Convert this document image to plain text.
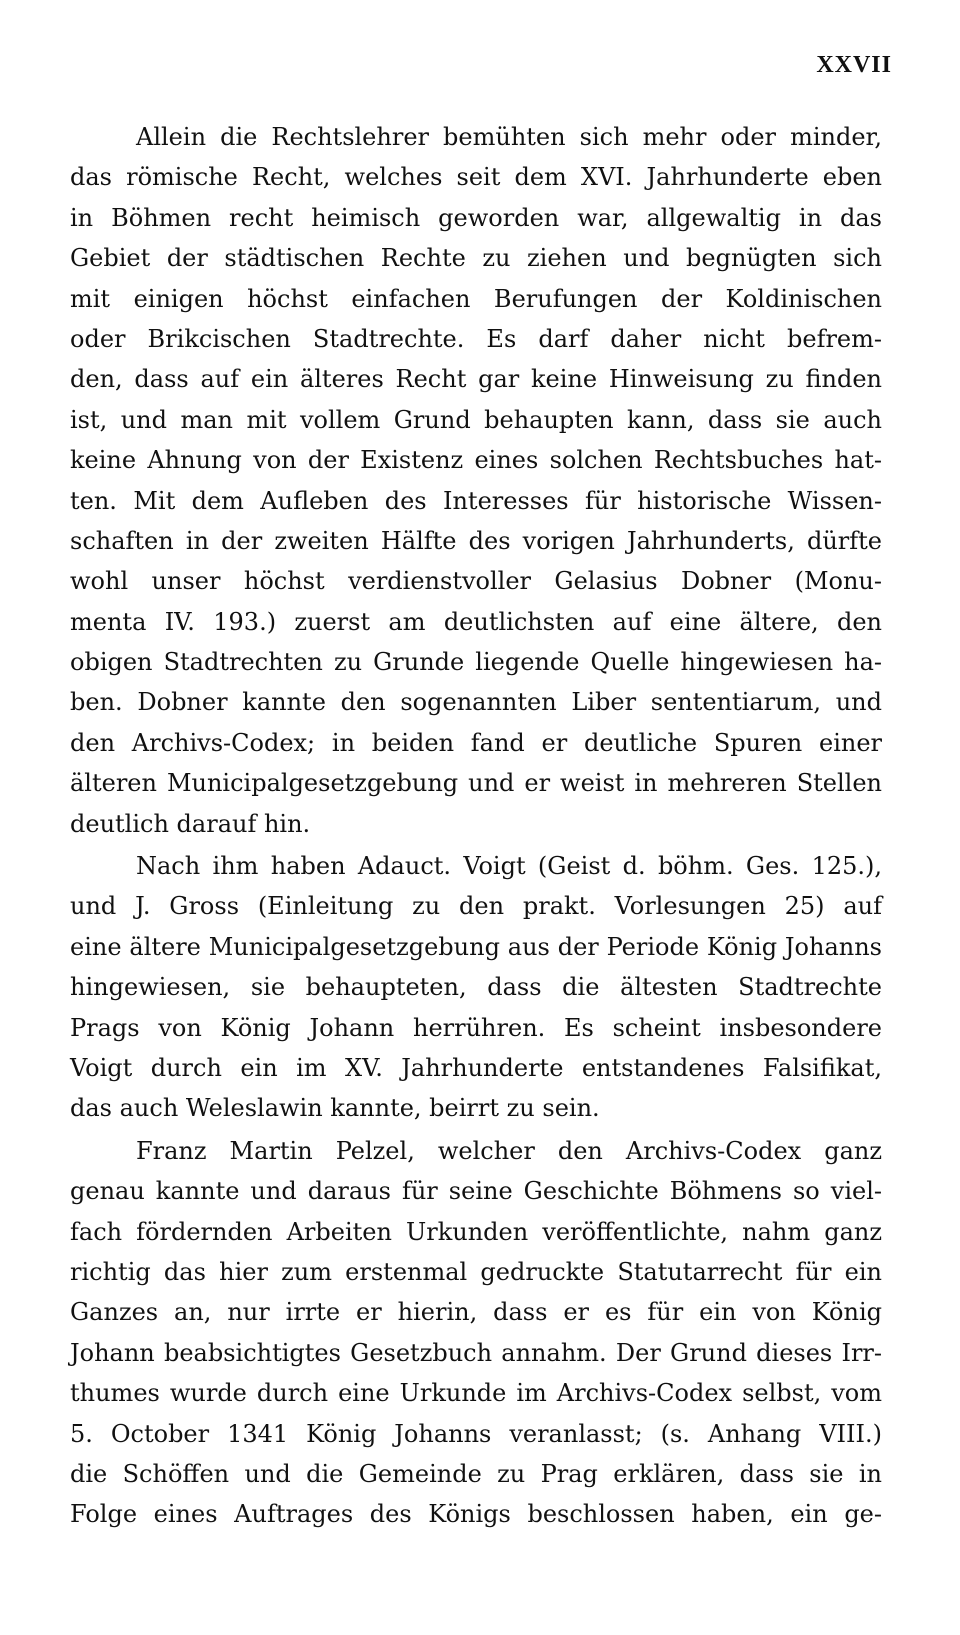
XXVII
Allein die Rechtslehrer bemühten sich mehr oder minder,
das römische Recht, welches seit dem XVI. Jahrhunderte eben
in Böhmen recht heimisch geworden war, allgewaltig in das
Gebiet der städtischen Rechte zu ziehen und begnügten sich
mit einigen höchst einfachen Berufungen der Koldinischen
oder Brikcischen Stadtrechte. Es darf daher nicht befrem-
den, dass auf ein älteres Recht gar keine Hinweisung zu finden
ist, und man mit vollem Grund behaupten kann, dass sie auch
keine Ahnung von der Existenz eines solchen Rechtsbuches hat-
ten. Mit dem Aufleben des Interesses für historische Wissen-
schaften in der zweiten Hälfte des vorigen Jahrhunderts, dürfte
wohl unser höchst verdienstvoller Gelasius Dobner (Monu-
menta IV. 193.) zuerst am deutlichsten auf eine ältere, den
obigen Stadtrechten zu Grunde liegende Quelle hingewiesen ha-
ben. Dobner kannte den sogenannten Liber sententiarum, und
den Archivs-Codex; in beiden fand er deutliche Spuren einer
älteren Municipalgesetzgebung und er weist in mehreren Stellen
deutlich darauf hin.
Nach ihm haben Adauct. Voigt (Geist d. böhm. Ges. 125.),
und J. Gross (Einleitung zu den prakt. Vorlesungen 25) auf
eine ältere Municipalgesetzgebung aus der Periode König Johanns
hingewiesen, sie behaupteten, dass die ältesten Stadtrechte
Prags von König Johann herrühren. Es scheint insbesondere
Voigt durch ein im XV. Jahrhunderte entstandenes Falsifikat,
das auch Weleslawin kannte, beirrt zu sein.
Franz Martin Pelzel, welcher den Archivs-Codex ganz
genau kannte und daraus für seine Geschichte Böhmens so viel-
fach fördernden Arbeiten Urkunden veröffentlichte, nahm ganz
richtig das hier zum erstenmal gedruckte Statutarrecht für ein
Ganzes an, nur irrte er hierin, dass er es für ein von König
Johann beabsichtigtes Gesetzbuch annahm. Der Grund dieses Irr-
thumes wurde durch eine Urkunde im Archivs-Codex selbst, vom
5. October 1341 König Johanns veranlasst; (s. Anhang VIII.)
die Schöffen und die Gemeinde zu Prag erklären, dass sie in
Folge eines Auftrages des Königs beschlossen haben, ein ge-
